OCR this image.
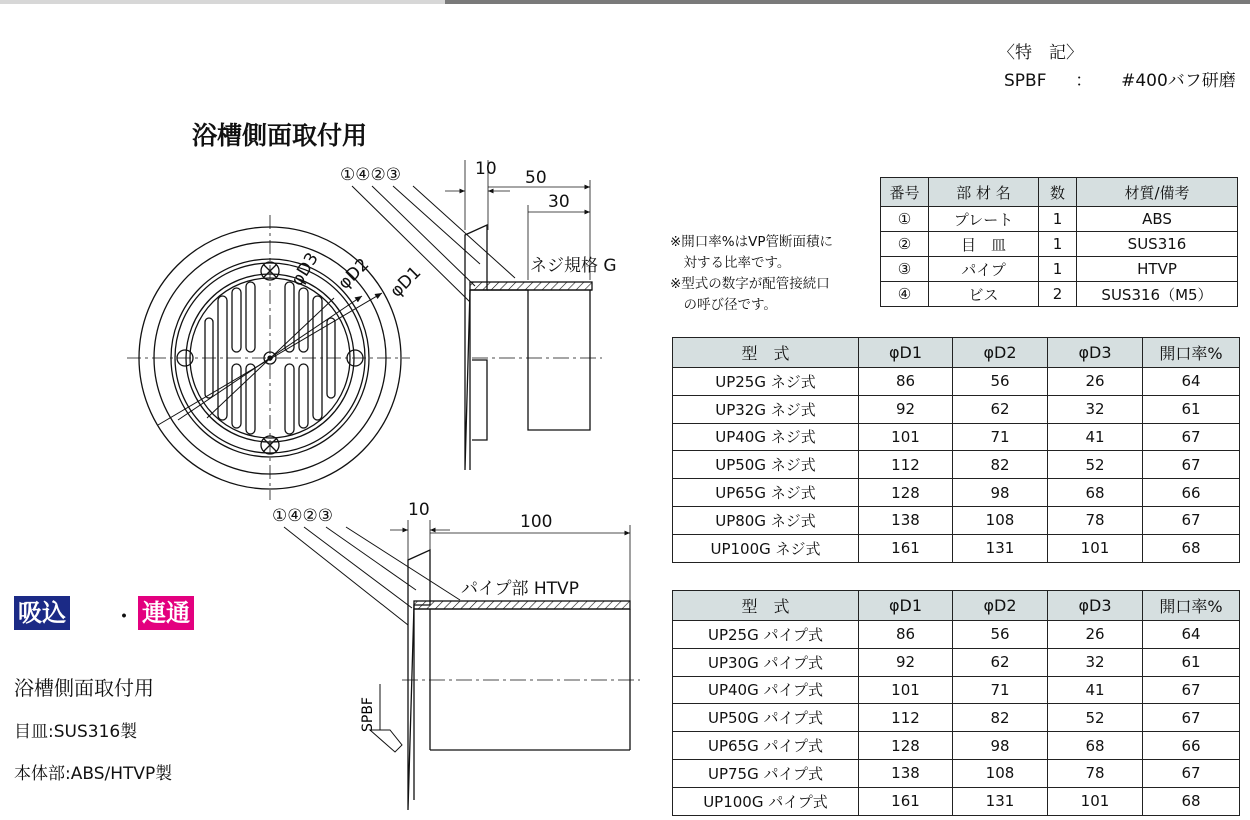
〈特　記〉
SPBF ： #400バフ研磨
浴槽側面取付用
φD3 φD2 φD1
①④②③	10 50
30
ネジ規格 G
①④②③	10
100
パイプ部 HTVP
SPBF
※開口率%はVP管断面積に
　対する比率です。
※型式の数字が配管接続口
　の呼び径です。
吸込 ・ 連通
浴槽側面取付用
目皿:SUS316製
本体部:ABS/HTVP製
番号	部 材 名	数	材質/備考
①	プレート	1	ABS
②	目　皿	1	SUS316
③	パイプ	1	HTVP
④	ビス	2	SUS316（M5）
型　式	φD1	φD2	φD3	開口率%
UP25G ネジ式	86	56	26	64
UP32G ネジ式	92	62	32	61
UP40G ネジ式	101	71	41	67
UP50G ネジ式	112	82	52	67
UP65G ネジ式	128	98	68	66
UP80G ネジ式	138	108	78	67
UP100G ネジ式	161	131	101	68
型　式	φD1	φD2	φD3	開口率%
UP25G パイプ式	86	56	26	64
UP30G パイプ式	92	62	32	61
UP40G パイプ式	101	71	41	67
UP50G パイプ式	112	82	52	67
UP65G パイプ式	128	98	68	66
UP75G パイプ式	138	108	78	67
UP100G パイプ式	161	131	101	68
